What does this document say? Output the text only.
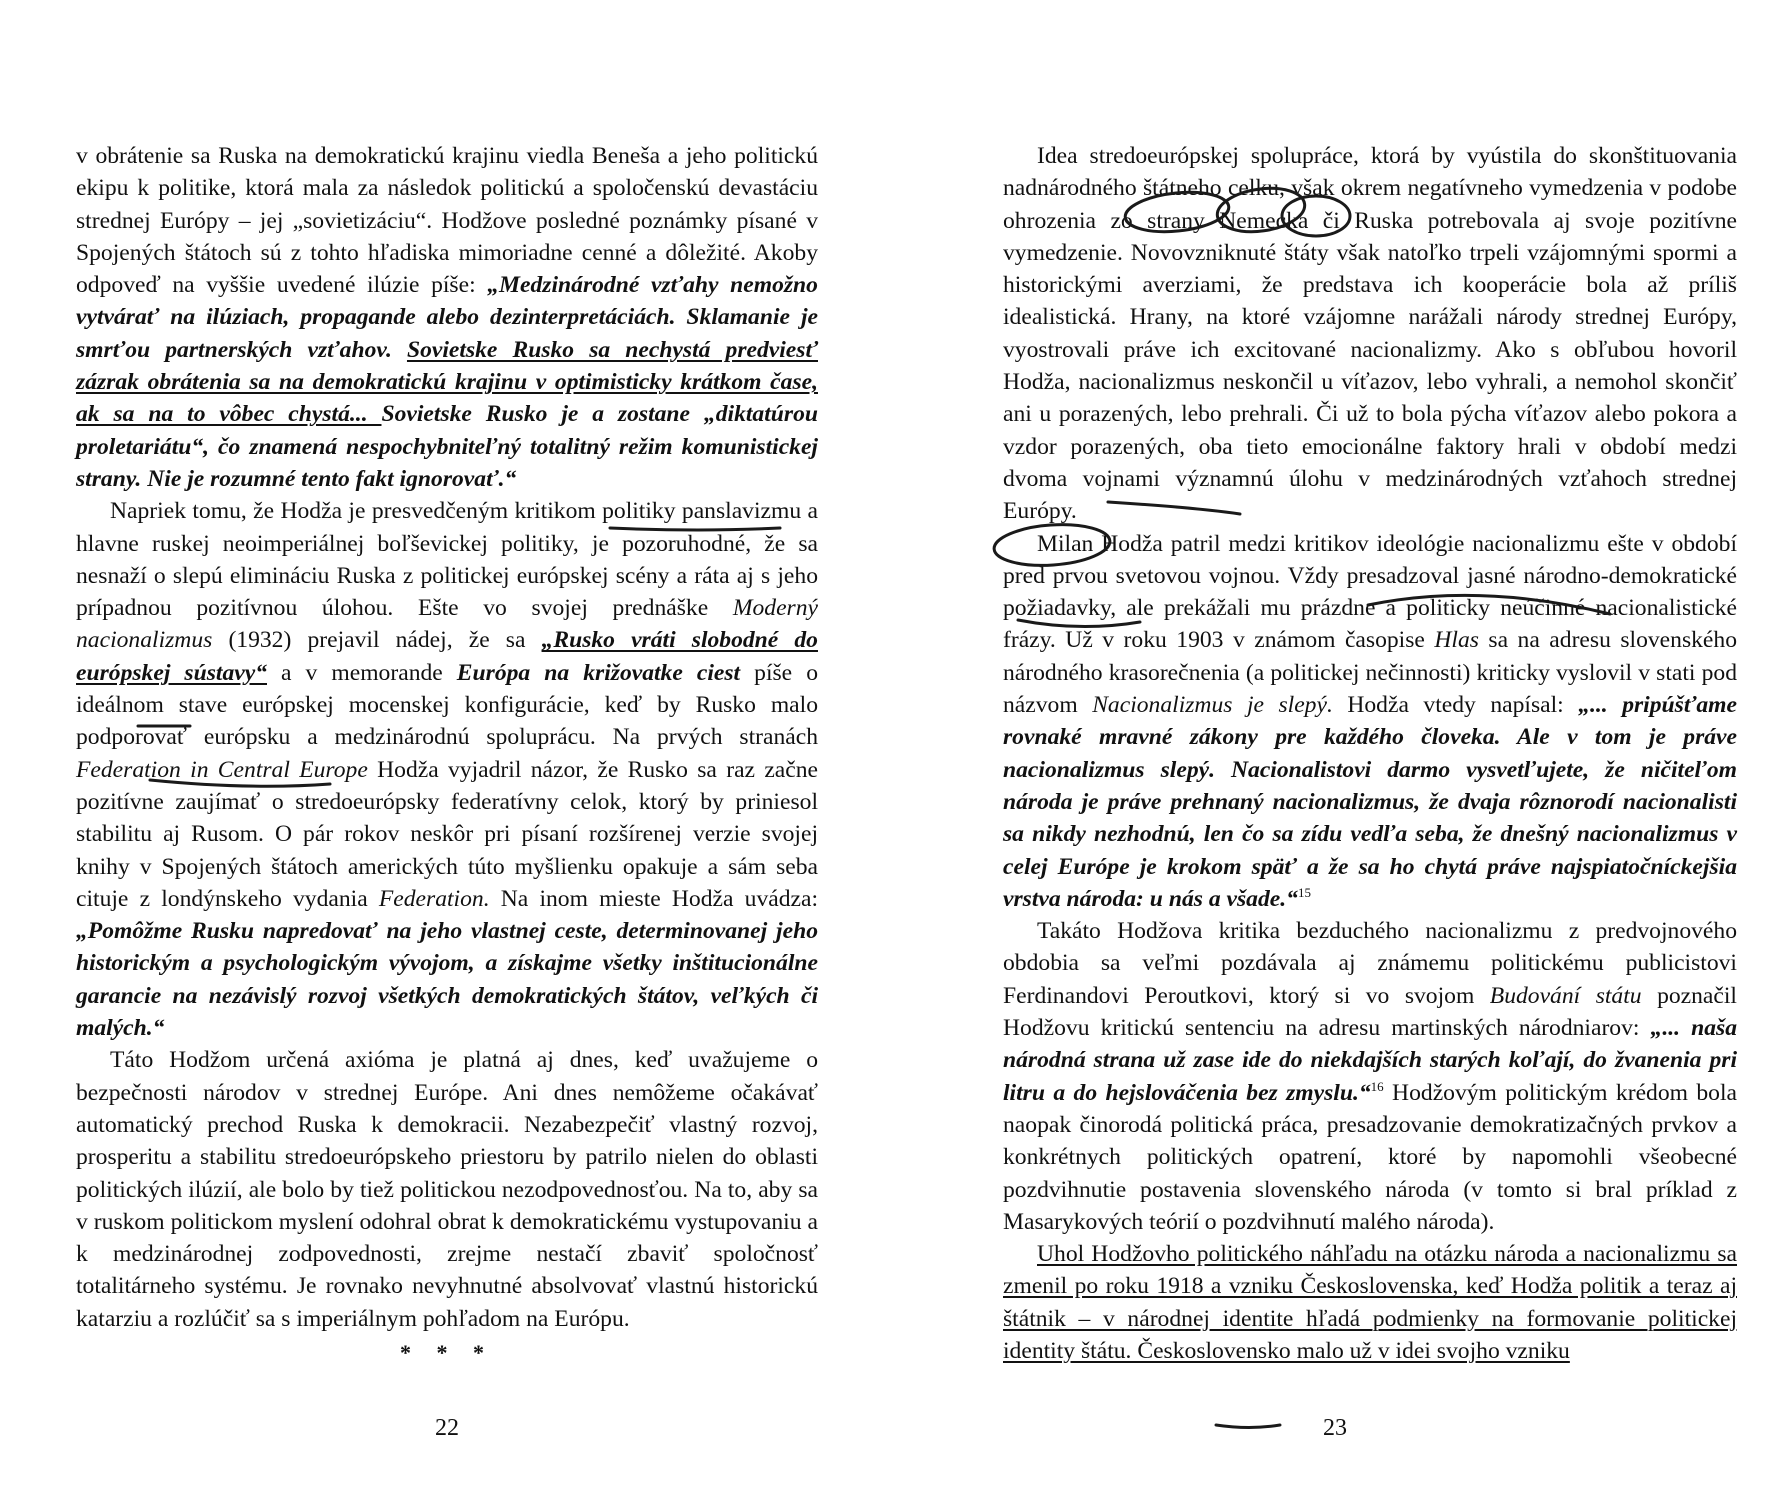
v obrátenie sa Ruska na demokratickú krajinu viedla Beneša a jeho politickú ekipu k politike, ktorá mala za následok politickú a spoločenskú devastáciu strednej Európy – jej „sovietizáciu“. Hodžove posledné poznámky písané v Spojených štátoch sú z tohto hľadiska mimoriadne cenné a dôležité. Akoby odpoveď na vyššie uvedené ilúzie píše: „Medzinárodné vzťahy nemožno vytvárať na ilúziach, propagande alebo dezinterpretáciách. Sklamanie je smrťou partnerských vzťahov. Sovietske Rusko sa nechystá predviesť zázrak obrátenia sa na demokratickú krajinu v optimisticky krátkom čase, ak sa na to vôbec chystá... Sovietske Rusko je a zostane „diktatúrou proletariátu“, čo znamená nespochybniteľný totalitný režim komunistickej strany. Nie je rozumné tento fakt ignorovať.“

Napriek tomu, že Hodža je presvedčeným kritikom politiky panslavizmu a hlavne ruskej neoimperiálnej boľševickej politiky, je pozoruhodné, že sa nesnaží o slepú elimináciu Ruska z politickej európskej scény a ráta aj s jeho prípadnou pozitívnou úlohou. Ešte vo svojej prednáške Moderný nacionalizmus (1932) prejavil nádej, že sa „Rusko vráti slobodné do európskej sústavy“ a v memorande Európa na križovatke ciest píše o ideálnom stave európskej mocenskej konfigurácie, keď by Rusko malo podporovať európsku a medzinárodnú spoluprácu. Na prvých stranách Federation in Central Europe Hodža vyjadril názor, že Rusko sa raz začne pozitívne zaujímať o stredoeurópsky federatívny celok, ktorý by priniesol stabilitu aj Rusom. O pár rokov neskôr pri písaní rozšírenej verzie svojej knihy v Spojených štátoch amerických túto myšlienku opakuje a sám seba cituje z londýnskeho vydania Federation. Na inom mieste Hodža uvádza: „Pomôžme Rusku napredovať na jeho vlastnej ceste, determinovanej jeho historickým a psychologickým vývojom, a získajme všetky inštitucionálne garancie na nezávislý rozvoj všetkých demokratických štátov, veľkých či malých.“

Táto Hodžom určená axióma je platná aj dnes, keď uvažujeme o bezpečnosti národov v strednej Európe. Ani dnes nemôžeme očakávať automatický prechod Ruska k demokracii. Nezabezpečiť vlastný rozvoj, prosperitu a stabilitu stredoeurópskeho priestoru by patrilo nielen do oblasti politických ilúzií, ale bolo by tiež politickou nezodpovednosťou. Na to, aby sa v ruskom politickom myslení odohral obrat k demokratickému vystupovaniu a k medzinárodnej zodpovednosti, zrejme nestačí zbaviť spoločnosť totalitárneho systému. Je rovnako nevyhnutné absolvovať vlastnú historickú katarziu a rozlúčiť sa s imperiálnym pohľadom na Európu.

* * *
22

Idea stredoeurópskej spolupráce, ktorá by vyústila do skonštituovania nadnárodného štátneho celku, však okrem negatívneho vymedzenia v podobe ohrozenia zo strany Nemecka či Ruska potrebovala aj svoje pozitívne vymedzenie. Novovzniknuté štáty však natoľko trpeli vzájomnými spormi a historickými averziami, že predstava ich kooperácie bola až príliš idealistická. Hrany, na ktoré vzájomne narážali národy strednej Európy, vyostrovali práve ich excitované nacionalizmy. Ako s obľubou hovoril Hodža, nacionalizmus neskončil u víťazov, lebo vyhrali, a nemohol skončiť ani u porazených, lebo prehrali. Či už to bola pýcha víťazov alebo pokora a vzdor porazených, oba tieto emocionálne faktory hrali v období medzi dvoma vojnami významnú úlohu v medzinárodných vzťahoch strednej Európy.

Milan Hodža patril medzi kritikov ideológie nacionalizmu ešte v období pred prvou svetovou vojnou. Vždy presadzoval jasné národno-demokratické požiadavky, ale prekážali mu prázdne a politicky neúčinné nacionalistické frázy. Už v roku 1903 v známom časopise Hlas sa na adresu slovenského národného krasorečnenia (a politickej nečinnosti) kriticky vyslovil v stati pod názvom Nacionalizmus je slepý. Hodža vtedy napísal: „... pripúšťame rovnaké mravné zákony pre každého človeka. Ale v tom je práve nacionalizmus slepý. Nacionalistovi darmo vysvetľujete, že ničiteľom národa je práve prehnaný nacionalizmus, že dvaja rôznorodí nacionalisti sa nikdy nezhodnú, len čo sa zídu vedľa seba, že dnešný nacionalizmus v celej Európe je krokom späť a že sa ho chytá práve najspiatočníckejšia vrstva národa: u nás a všade.“$^{15}$

Takáto Hodžova kritika bezduchého nacionalizmu z predvojnového obdobia sa veľmi pozdávala aj známemu politickému publicistovi Ferdinandovi Peroutkovi, ktorý si vo svojom Budování státu poznačil Hodžovu kritickú sentenciu na adresu martinských národniarov: „... naša národná strana už zase ide do niekdajších starých koľají, do žvanenia pri litru a do hejslováčenia bez zmyslu.“$^{16}$ Hodžovým politickým krédom bola naopak činorodá politická práca, presadzovanie demokratizačných prvkov a konkrétnych politických opatrení, ktoré by napomohli všeobecné pozdvihnutie postavenia slovenského národa (v tomto si bral príklad z Masarykových teórií o pozdvihnutí malého národa).

Uhol Hodžovho politického náhľadu na otázku národa a nacionalizmu sa zmenil po roku 1918 a vzniku Československa, keď Hodža politik a teraz aj štátnik – v národnej identite hľadá podmienky na formovanie politickej identity štátu. Československo malo už v idei svojho vzniku

23
